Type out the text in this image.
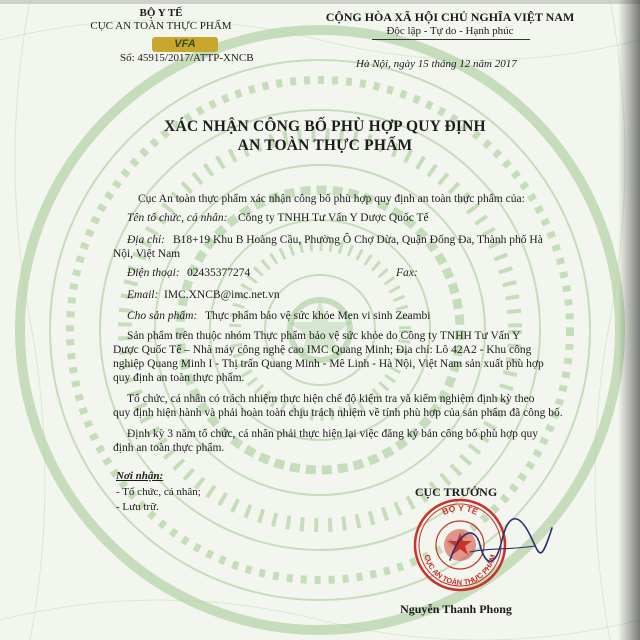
BỘ Y TẾ
CỤC AN TOÀN THỰC PHẨM
VFA
Số: 45915/2017/ATTP-XNCB
CỘNG HÒA XÃ HỘI CHỦ NGHĨA VIỆT NAM
Độc lập - Tự do - Hạnh phúc
Hà Nội, ngày 15 tháng 12 năm 2017
XÁC NHẬN CÔNG BỐ PHÙ HỢP QUY ĐỊNH
AN TOÀN THỰC PHẨM
Cục An toàn thực phẩm xác nhận công bố phù hợp quy định an toàn thực phẩm của:
Tên tổ chức, cá nhân: Công ty TNHH Tư Vấn Y Dược Quốc Tế
Địa chỉ: B18+19 Khu B Hoàng Cầu, Phường Ô Chợ Dừa, Quận Đống Đa, Thành phố Hà
Nội, Việt Nam
Điện thoại: 02435377274	Fax:
Email: IMC.XNCB@imc.net.vn
Cho sản phẩm: Thực phẩm bảo vệ sức khỏe Men vi sinh Zeambi
Sản phẩm trên thuộc nhóm Thực phẩm bảo vệ sức khỏe do Công ty TNHH Tư Vấn Y
Dược Quốc Tế – Nhà máy công nghệ cao IMC Quang Minh; Địa chỉ: Lô 42A2 - Khu công
nghiệp Quang Minh I - Thị trấn Quang Minh - Mê Linh - Hà Nội, Việt Nam sản xuất phù hợp
quy định an toàn thực phẩm.
Tổ chức, cá nhân có trách nhiệm thực hiện chế độ kiểm tra và kiểm nghiệm định kỳ theo
quy định hiện hành và phải hoàn toàn chịu trách nhiệm về tính phù hợp của sản phẩm đã công bố.
Định kỳ 3 năm tổ chức, cá nhân phải thực hiện lại việc đăng ký bản công bố phù hợp quy
định an toàn thực phẩm.
Nơi nhận:
- Tổ chức, cá nhân;
- Lưu trữ.
CỤC TRƯỞNG
BỘ Y TẾ
CỤC AN TOÀN THỰC PHẨM
Nguyễn Thanh Phong
